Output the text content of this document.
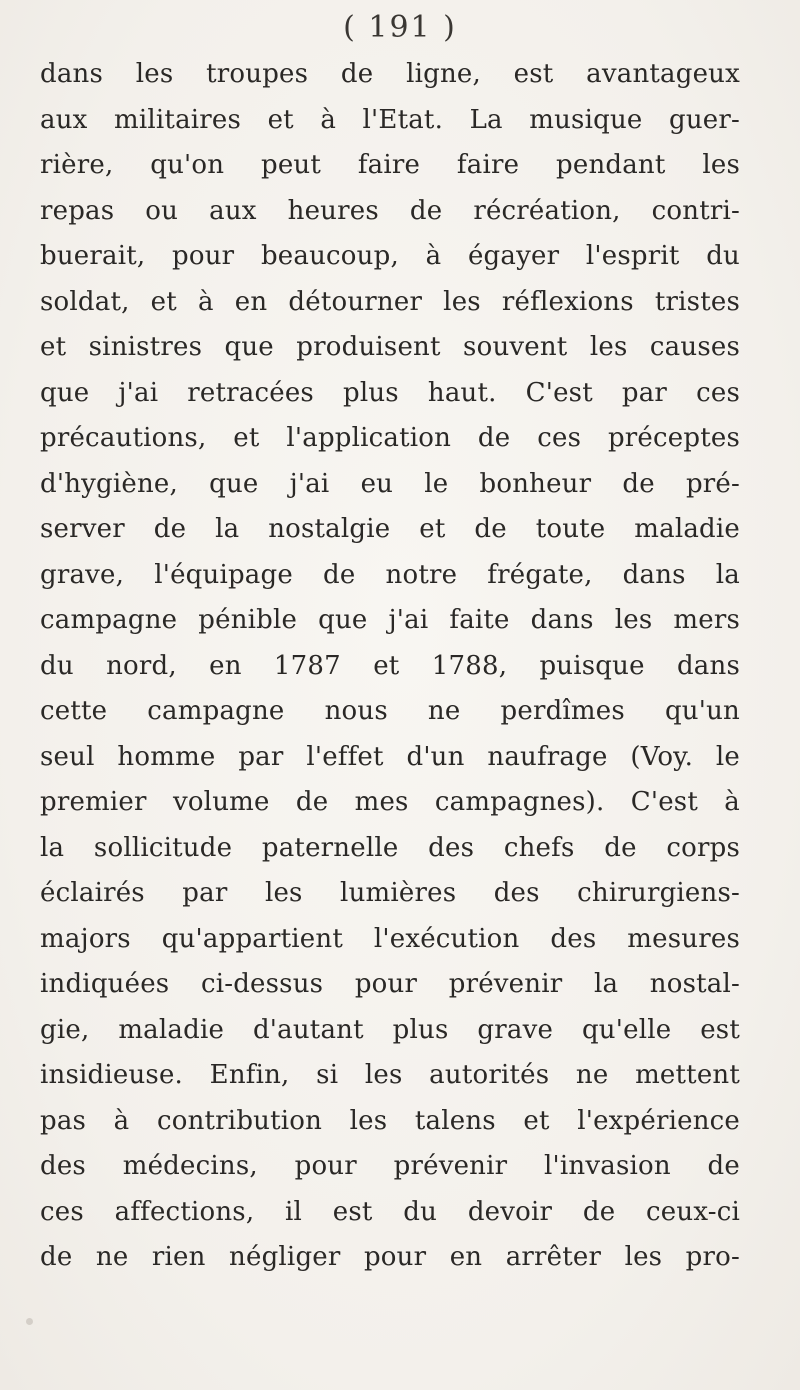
( 191 )
dans les troupes de ligne, est avantageux
aux militaires et à l'Etat. La musique guer-
rière, qu'on peut faire faire pendant les
repas ou aux heures de récréation, contri-
buerait, pour beaucoup, à égayer l'esprit du
soldat, et à en détourner les réflexions tristes
et sinistres que produisent souvent les causes
que j'ai retracées plus haut. C'est par ces
précautions, et l'application de ces préceptes
d'hygiène, que j'ai eu le bonheur de pré-
server de la nostalgie et de toute maladie
grave, l'équipage de notre frégate, dans la
campagne pénible que j'ai faite dans les mers
du nord, en 1787 et 1788, puisque dans
cette campagne nous ne perdîmes qu'un
seul homme par l'effet d'un naufrage (Voy. le
premier volume de mes campagnes). C'est à
la sollicitude paternelle des chefs de corps
éclairés par les lumières des chirurgiens-
majors qu'appartient l'exécution des mesures
indiquées ci-dessus pour prévenir la nostal-
gie, maladie d'autant plus grave qu'elle est
insidieuse. Enfin, si les autorités ne mettent
pas à contribution les talens et l'expérience
des médecins, pour prévenir l'invasion de
ces affections, il est du devoir de ceux-ci
de ne rien négliger pour en arrêter les pro-
